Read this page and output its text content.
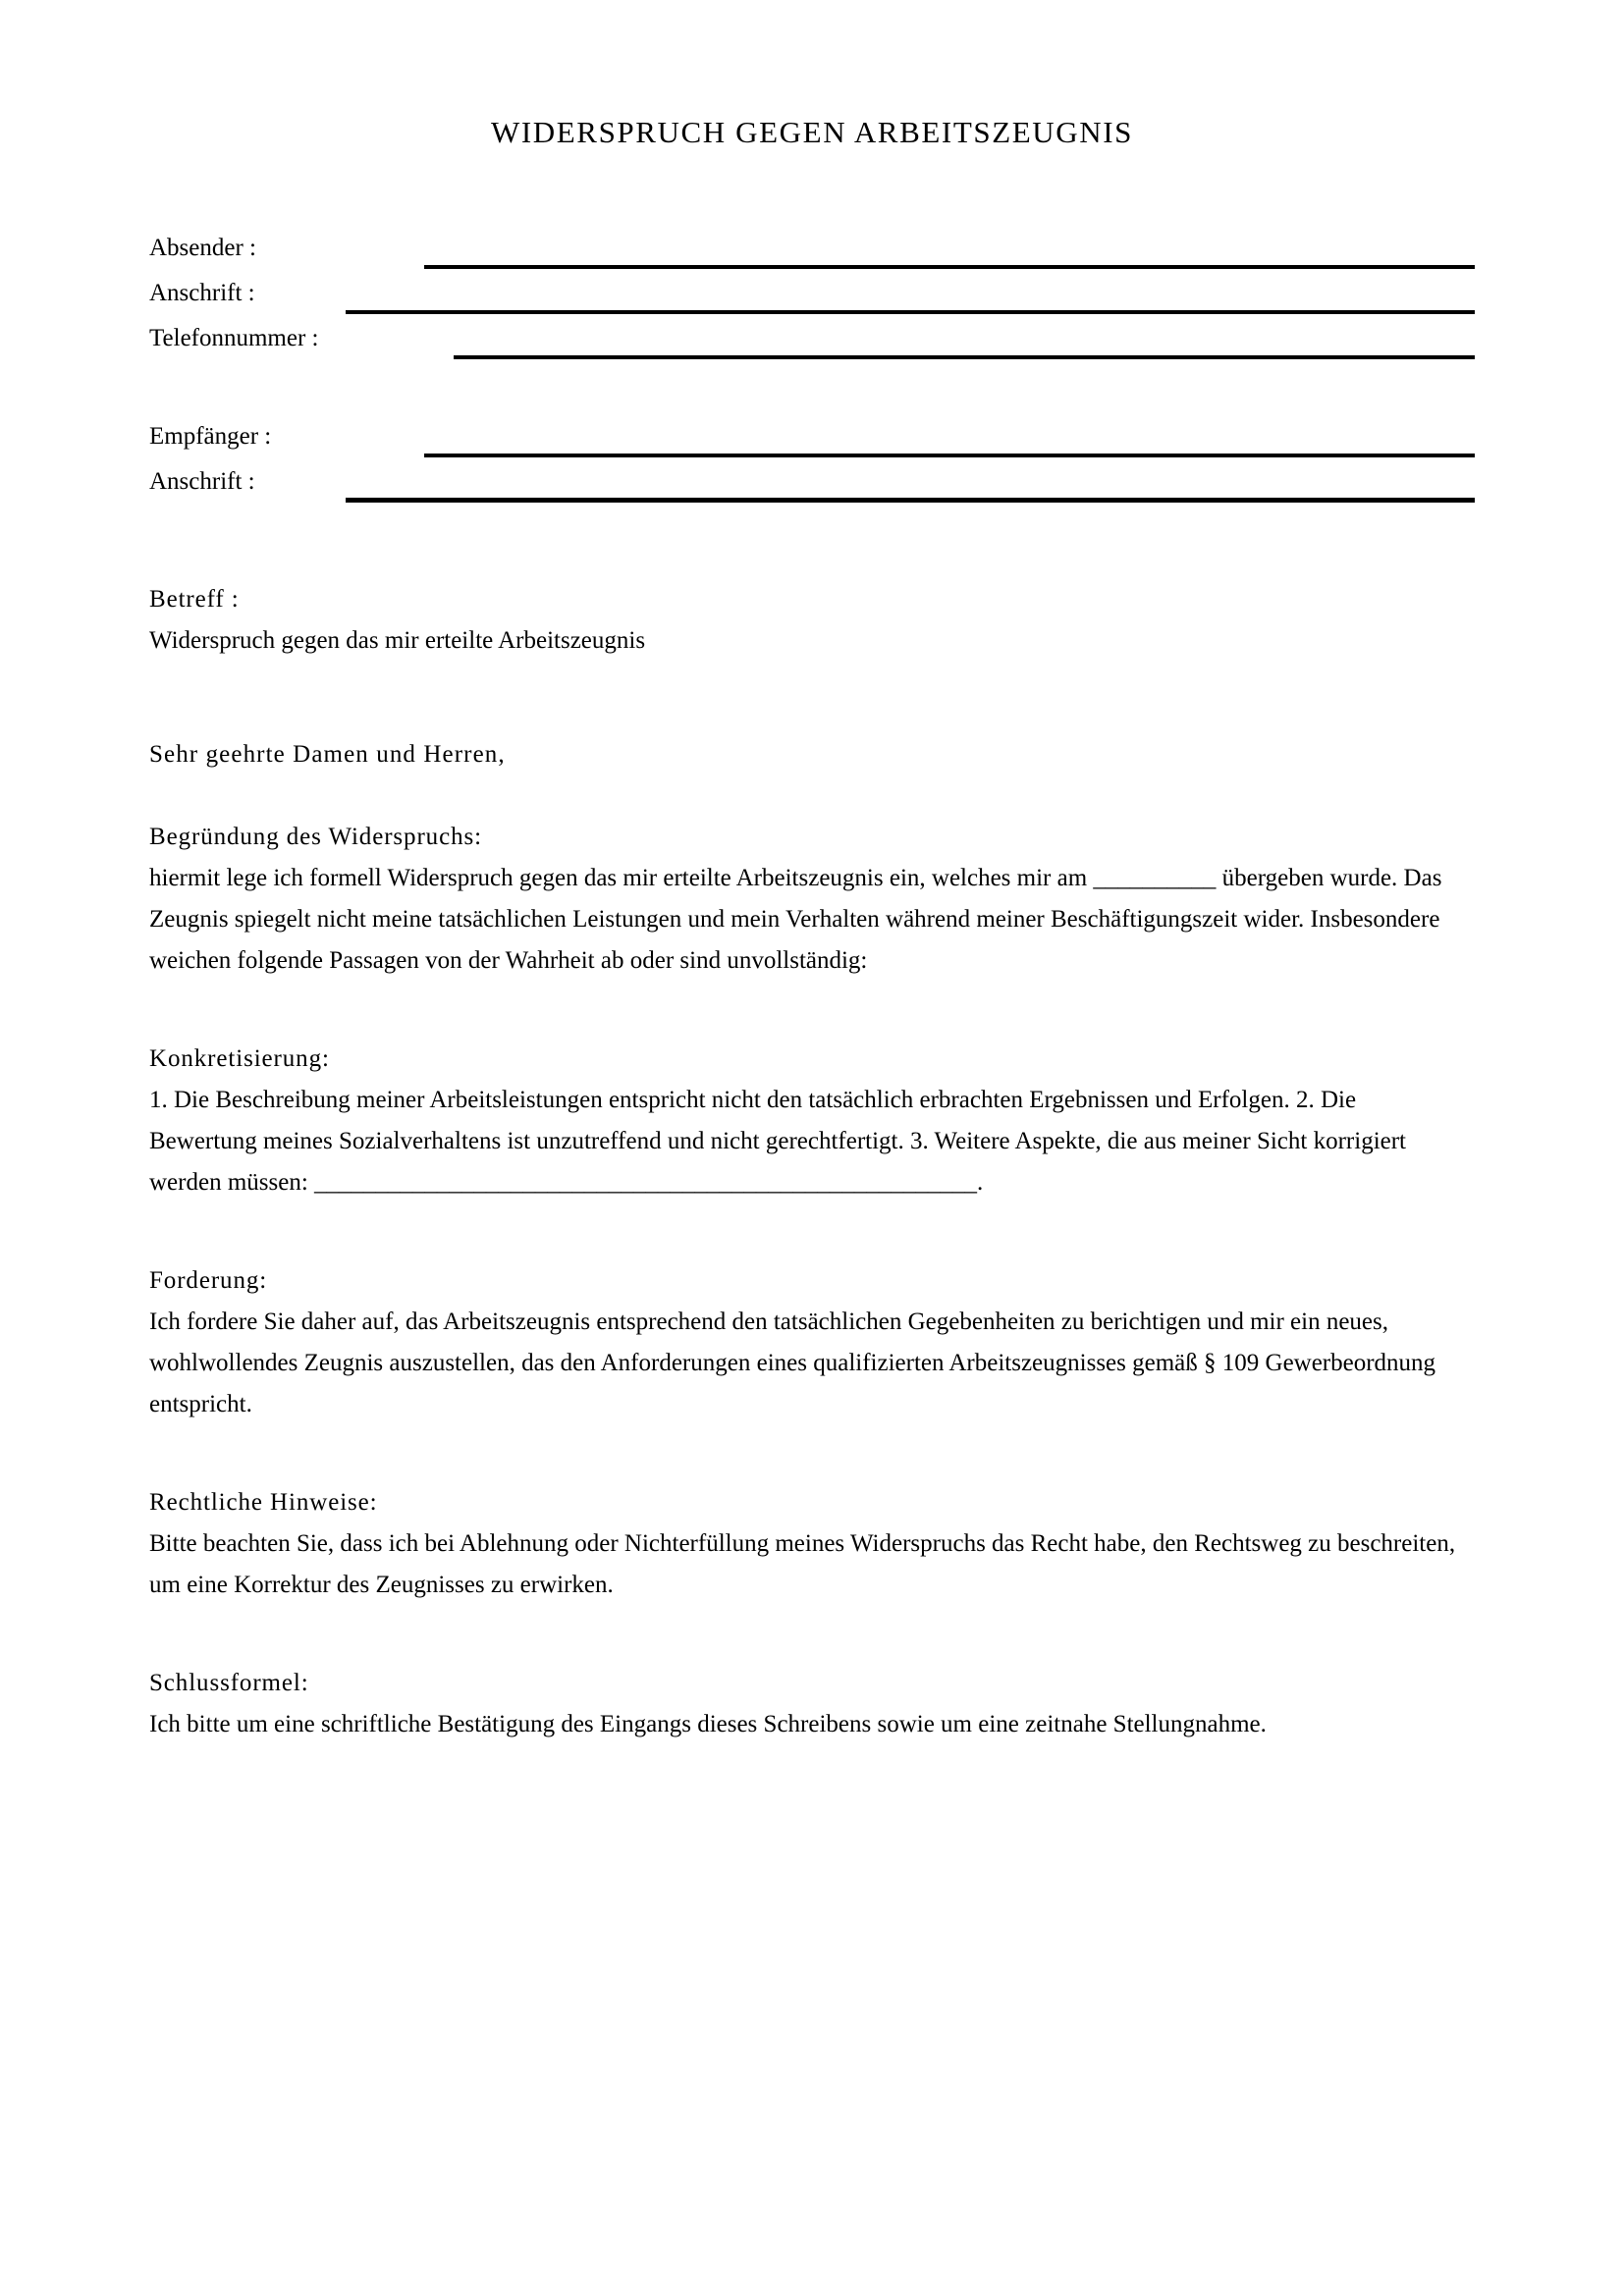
WIDERSPRUCH GEGEN ARBEITSZEUGNIS
Absender :
Anschrift :
Telefonnummer :
Empfänger :
Anschrift :

Betreff :

Widerspruch gegen das mir erteilte Arbeitszeugnis

Sehr geehrte Damen und Herren,

Begründung des Widerspruchs:

hiermit lege ich formell Widerspruch gegen das mir erteilte Arbeitszeugnis ein, welches mir am __________ übergeben wurde. Das Zeugnis spiegelt nicht meine tatsächlichen Leistungen und mein Verhalten während meiner Beschäftigungszeit wider. Insbesondere weichen folgende Passagen von der Wahrheit ab oder sind unvollständig:

Konkretisierung:

1. Die Beschreibung meiner Arbeitsleistungen entspricht nicht den tatsächlich erbrachten Ergebnissen und Erfolgen. 2. Die Bewertung meines Sozialverhaltens ist unzutreffend und nicht gerechtfertigt. 3. Weitere Aspekte, die aus meiner Sicht korrigiert werden müssen: ______________________________________________________.

Forderung:

Ich fordere Sie daher auf, das Arbeitszeugnis entsprechend den tatsächlichen Gegebenheiten zu berichtigen und mir ein neues, wohlwollendes Zeugnis auszustellen, das den Anforderungen eines qualifizierten Arbeitszeugnisses gemäß § 109 Gewerbeordnung entspricht.

Rechtliche Hinweise:

Bitte beachten Sie, dass ich bei Ablehnung oder Nichterfüllung meines Widerspruchs das Recht habe, den Rechtsweg zu beschreiten, um eine Korrektur des Zeugnisses zu erwirken.

Schlussformel:

Ich bitte um eine schriftliche Bestätigung des Eingangs dieses Schreibens sowie um eine zeitnahe Stellungnahme.
